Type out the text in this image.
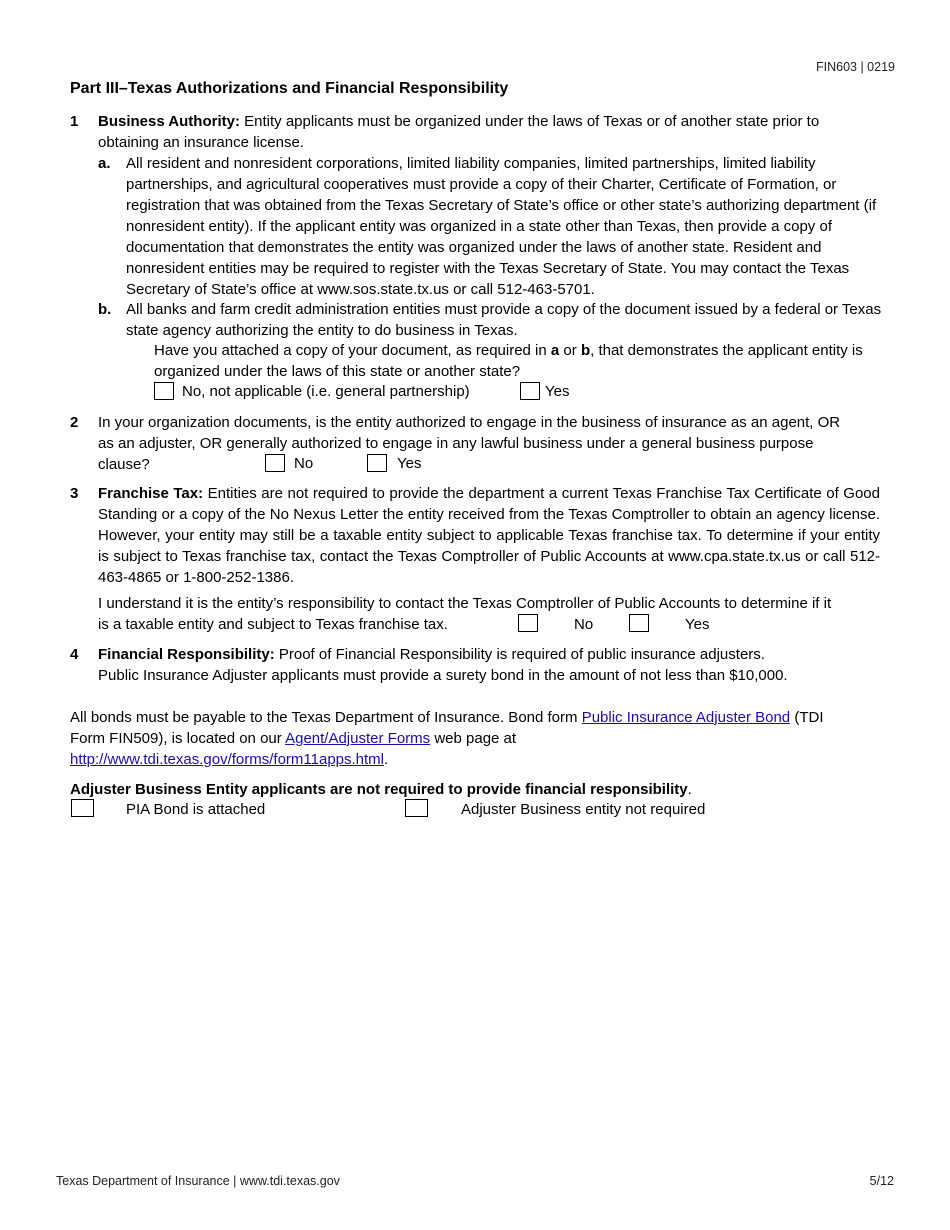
FIN603 | 0219
Part III–Texas Authorizations and Financial Responsibility
1 Business Authority: Entity applicants must be organized under the laws of Texas or of another state prior to obtaining an insurance license.
a. All resident and nonresident corporations, limited liability companies, limited partnerships, limited liability partnerships, and agricultural cooperatives must provide a copy of their Charter, Certificate of Formation, or registration that was obtained from the Texas Secretary of State’s office or other state’s authorizing department (if nonresident entity). If the applicant entity was organized in a state other than Texas, then provide a copy of documentation that demonstrates the entity was organized under the laws of another state. Resident and nonresident entities may be required to register with the Texas Secretary of State. You may contact the Texas Secretary of State’s office at www.sos.state.tx.us or call 512-463-5701.
b. All banks and farm credit administration entities must provide a copy of the document issued by a federal or Texas state agency authorizing the entity to do business in Texas.
Have you attached a copy of your document, as required in a or b, that demonstrates the applicant entity is organized under the laws of this state or another state?
No, not applicable (i.e. general partnership)	Yes
2 In your organization documents, is the entity authorized to engage in the business of insurance as an agent, OR
as an adjuster, OR generally authorized to engage in any lawful business under a general business purpose
clause?	No	Yes
3 Franchise Tax: Entities are not required to provide the department a current Texas Franchise Tax Certificate of Good Standing or a copy of the No Nexus Letter the entity received from the Texas Comptroller to obtain an agency license. However, your entity may still be a taxable entity subject to applicable Texas franchise tax. To determine if your entity is subject to Texas franchise tax, contact the Texas Comptroller of Public Accounts at www.cpa.state.tx.us or call 512-463-4865 or 1-800-252-1386.
I understand it is the entity’s responsibility to contact the Texas Comptroller of Public Accounts to determine if it
is a taxable entity and subject to Texas franchise tax.	No	Yes
4 Financial Responsibility: Proof of Financial Responsibility is required of public insurance adjusters.
Public Insurance Adjuster applicants must provide a surety bond in the amount of not less than $10,000.
All bonds must be payable to the Texas Department of Insurance. Bond form Public Insurance Adjuster Bond (TDI
Form FIN509), is located on our Agent/Adjuster Forms web page at
http://www.tdi.texas.gov/forms/form11apps.html.
Adjuster Business Entity applicants are not required to provide financial responsibility.
PIA Bond is attached	Adjuster Business entity not required
Texas Department of Insurance | www.tdi.texas.gov	5/12
